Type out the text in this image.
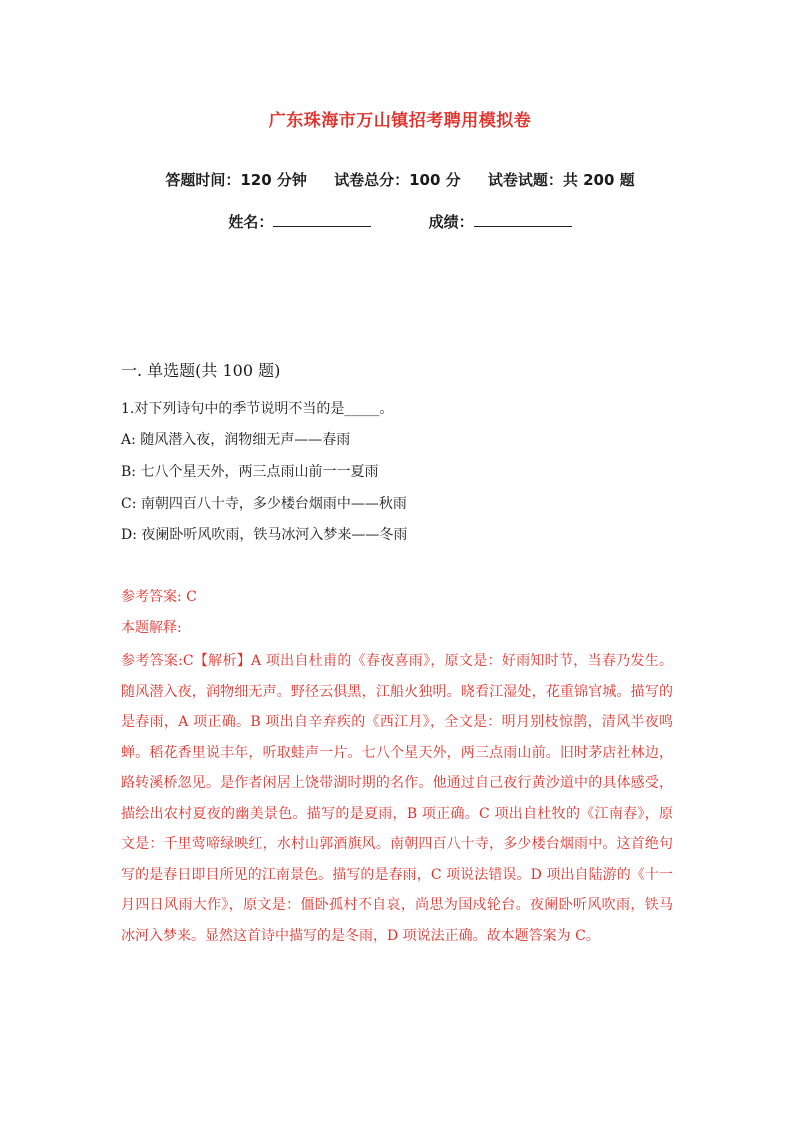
广东珠海市万山镇招考聘用模拟卷
答题时间：120 分钟 试卷总分：100 分 试卷试题：共 200 题
姓名：	成绩：
一. 单选题(共 100 题)
1.对下列诗句中的季节说明不当的是_____。
A: 随风潜入夜，润物细无声——春雨
B: 七八个星天外，两三点雨山前一一夏雨
C: 南朝四百八十寺，多少楼台烟雨中——秋雨
D: 夜阑卧听风吹雨，铁马冰河入梦来——冬雨
参考答案: C
本题解释:
参考答案:C【解析】A 项出自杜甫的《春夜喜雨》，原文是：好雨知时节，当春乃发生。随风潜入夜，润物细无声。野径云俱黑，江船火独明。晓看江湿处，花重锦官城。描写的是春雨，A 项正确。B 项出自辛弃疾的《西江月》，全文是：明月别枝惊鹊，清风半夜鸣蝉。稻花香里说丰年，听取蛙声一片。七八个星天外，两三点雨山前。旧时茅店社林边，路转溪桥忽见。是作者闲居上饶带湖时期的名作。他通过自己夜行黄沙道中的具体感受，描绘出农村夏夜的幽美景色。描写的是夏雨，B 项正确。C 项出自杜牧的《江南春》，原文是：千里莺啼绿映红，水村山郭酒旗风。南朝四百八十寺，多少楼台烟雨中。这首绝句写的是春日即目所见的江南景色。描写的是春雨，C 项说法错误。D 项出自陆游的《十一月四日风雨大作》，原文是：僵卧孤村不自哀，尚思为国戍轮台。夜阑卧听风吹雨，铁马冰河入梦来。显然这首诗中描写的是冬雨，D 项说法正确。故本题答案为 C。
